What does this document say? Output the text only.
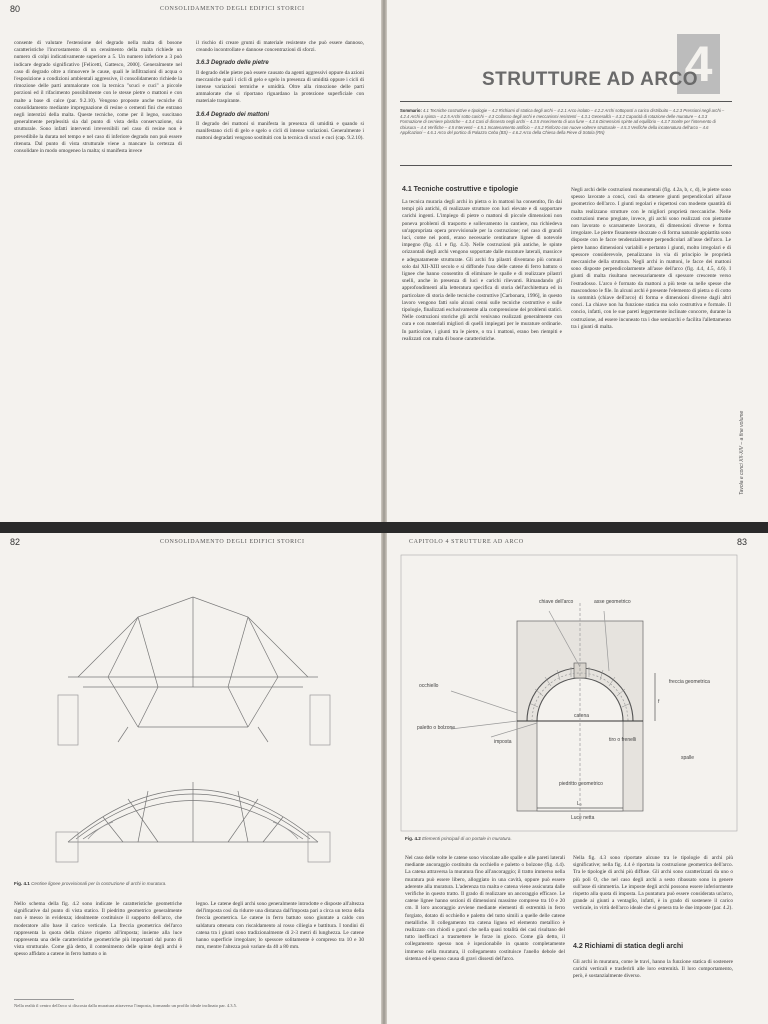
80	CONSOLIDAMENTO DEGLI EDIFICI STORICI

consente di valutare l'estensione del degrado nella malta di bosone caratteristiche l'incrostamento di un censimento della malta richiede un numero di colpi indicativamente superiore a 5. Un numero inferiore a 3 può indicare degrado significativo [Felicetti, Gattesco, 2000]. Generalmente nel caso di degrado oltre a rimuovere le cause, quali le infiltrazioni di acqua o l'esposizione a condizioni ambientali aggressive, il consolidamento richiede la rimozione delle parti ammalorate con la tecnica "scuci e cuci" a piccole porzioni ed il rifacimento possibilmente con le stesse pietre o mattoni e con malte a base di calce (par. 9.2.10). Vengono proposte anche tecniche di consolidamento mediante impregnazione di resine o cementi fini che entrano negli interstizi della malta. Queste tecniche, come per il legno, suscitano generalmente perplessità sia dal punto di vista della conservazione, sia strutturale. Sono infatti interventi irreversibili nel caso di resine non è prevedibile la durata nel tempo e nel caso di inferiore degrado non può essere ritenuta. Dal punto di vista strutturale viene a mancare la certezza di consolidare in modo omogeneo la malta; si manifesta invece

il rischio di creare grumi di materiale resistente che può essere dannoso, creando incontrollate e dannose concentrazioni di sforzi.

3.6.3 Degrado delle pietre

Il degrado delle pietre può essere causato da agenti aggressivi oppure da azioni meccaniche quali i cicli di gelo e sgelo in presenza di umidità oppure i cicli di intense variazioni termiche e umidità. Oltre alla rimozione delle parti ammalorate che si riportano riguardano la protezione superficiale con materiale traspirante.

3.6.4 Degrado dei mattoni

Il degrado dei mattoni si manifesta in presenza di umidità e quando si manifestano cicli di gelo e sgelo o cicli di intense variazioni. Generalmente i mattoni degradati vengono sostituiti con la tecnica di scuci e cuci (cap. 9.2.10).

4
STRUTTURE AD ARCO
Sommario: 4.1 Tecniche costruttive e tipologie – 4.2 Richiami di statica degli archi – 4.2.1 Arco isolato – 4.2.2 Archi sottoposti a carico distribuito – 4.2.3 Pressioni negli archi – 4.2.4 Archi a spinta – 4.2.5 Archi sotto carichi – 4.3 Collasso degli archi e meccanismi resistenti – 4.3.1 Generalità – 4.3.2 Capacità di rotazione delle murature – 4.3.3 Formazione di cerniere plastiche – 4.3.4 Casi di dissesto negli archi – 4.3.5 Inserimento di una fune – 4.3.6 Dimensioni spinte ad equilibrio – 4.3.7 Scelte per l'intervento di chiusura – 4.4 Verifiche – 4.5 Interventi – 4.5.1 Incatenamento artificio – 4.5.2 Rinforzo con nuove volterre strutturale – 4.5.3 Verifiche della incatenatura dell'arco – 4.6 Applicazioni – 4.6.1 Arco del portico di Palazzo Ceba (BS) – 4.6.2 Arco della Chiesa della Pieve di Sotola (RN)
4.1 Tecniche costruttive e tipologie

La tecnica muraria degli archi in pietra o in mattoni ha consentito, fin dai tempi più antichi, di realizzare strutture con luci elevate e di sopportare carichi ingenti. L'impiego di pietre o mattoni di piccole dimensioni non poneva problemi di trasporto e sollevamento in cantiere, ma richiedeva un'appropriata opera provvisionale per la costruzione; nel caso di grandi luci, come nei ponti, erano necessarie centinature lignee di notevole impegno (fig. 4.1 e fig. 4.3). Nelle costruzioni più antiche, le spinte orizzontali degli archi vengono sopportate dalle murature laterali, massicce e adeguatamente strutturate. Gli archi fra pilastri diventano più comuni solo dal XII-XIII secolo e si diffonde l'uso delle catene di ferro battuto o lignee che hanno consentito di eliminare le spalle e di realizzare pilastri snelli, anche in presenza di luci e carichi rilevanti. Rimandando gli approfondimenti alla letteratura specifica di storia dell'architettura ed in particolare di storia delle tecniche costruttive [Carbonara, 1996], in questo lavoro vengono fatti solo alcuni cenni sulle tecniche costruttive e sulle tipologie, finalizzati esclusivamente alla comprensione dei problemi statici. Nelle costruzioni storiche gli archi venivano realizzati generalmente con cura e con materiali migliori di quelli impiegati per le murature ordinarie. In particolare, i giunti tra le pietre, o tra i mattoni, erano ben riempiti e realizzati con malta di buone caratteristiche.

Negli archi delle costruzioni monumentali (fig. 4.2a, b, c, d), le pietre sono spesso lavorate a conci, così da ottenere giunti perpendicolari all'asse geometrico dell'arco. I giunti regolari e rispettosi con modeste quantità di malta realizzano strutture con le migliori proprietà meccaniche. Nelle costruzioni meno pregiate, invece, gli archi sono realizzati con pietrame non lavorato o scarsamente lavorato, di dimensioni diverse e forma irregolare. Le pietre fissamente sbozzate o di forma naturale appiattita sono disposte con le facce tendenzialmente perpendicolari all'asse dell'arco. Le pietre hanno dimensioni variabili e pertanto i giunti, molto irregolari e di spessore considerevole, penalizzano in via di principio le proprietà meccaniche della struttura. Negli archi in mattoni, le facce dei mattoni sono disposte perpendicolarmente all'asse dell'arco (fig. 4.4, 4.5, 4.6). I giunti di malta risultano necessariamente di spessore crescente verso l'estradosso. L'arco è formato da mattoni a più teste su nelle spesse che mascondono le file. In alcuni archi è presente l'elemento di pietra o di cotto in sommità (chiave dell'arco) di forma e dimensioni diverse dagli altri conci. La chiave non ha funzione statica ma solo costruttiva e formale. Il concio, infatti, con le sue pareti leggermente inclinate concorre, durante la costruzione, ad essere incuneato tra i due semiarchi e facilita l'allettamento tra i giunti di malta.

Tavola e conci XII-XIV – a fine volume
82	CONSOLIDAMENTO DEGLI EDIFICI STORICI
Fig. 4.1 Centine lignee provvisionali per la costruzione di archi in muratura.

Nello schema della fig. 4.2 sono indicate le caratteristiche geometriche significative dal punto di vista statico. Il piedritto geometrico generalmente non è messo in evidenza; idealmente costituisce il supporto dell'arco, che moderatore allo base il carico verticale. La freccia geometrica dell'arco rappresenta la quota della chiave rispetto all'imposta; insieme alla luce rappresenta una delle caratteristiche geometriche più importanti dal punto di vista strutturale. Come già detto, il contenimento delle spinte degli archi è spesso affidato a catene in ferro battuto o in

legno. Le catene degli archi sono generalmente introdotte e disposte all'altezza dell'imposta così da ridurre una distanza dall'imposta pari a circa un terzo della freccia geometrica. Le catene in ferro battuto sono giuntate a caldo con saldatura ottenuta con riscaldamento al rosso ciliegia e battitura. I tondini di catena tra i giunti sono tradizionalmente di 2-3 metri di lunghezza. Le catene hanno superficie irregolare; lo spessore solitamente è compreso tra 10 e 30 mm, mentre l'altezza può variare da 40 a 80 mm.

Nella realtà il centro dell'arco si discosta dalla muratura attraverso l'imposta, formando un profilo ideale inclinato par. 4.3.5.
CAPITOLO 4 STRUTTURE AD ARCO	83
chiave dell'arco	asse geometrico
occhiello
freccia geometrica
f
catena
paletto o bolzone
imposta	tiro o frenelli
spalle
piedritto geometrico
L₀
Luce netta
Fig. 4.2 Elementi principali di un portale in muratura.

Nel caso delle volte le catene sono vincolate alle spalle e alle pareti laterali mediante ancoraggio costituito da occhiello e paletto o bolzone (fig. 4.4). La catena attraversa la muratura fino all'ancoraggio; il tratto immerso nella muratura può essere libero, alloggiato in una cavità, oppure può essere aderente alla muratura. L'aderenza tra malta e catena viene assicurata dalle verifiche in questo tratto. Il grado di realizzare un ancoraggio efficace. Le catene lignee hanno sezioni di dimensioni massime comprese tra 10 e 20 cm. Il loro ancoraggio avviene mediante elementi di estremità in ferro forgiato, dotato di occhiello e paletto del tutto simili a quelle delle catene metalliche. Il collegamento tra catena lignea ed elemento metallico è realizzato con chiodi o ganci che nella quasi totalità dei casi risultano del tutto inefficaci a trasmettere le forze in gioco. Come già detto, il collegamento spesso non è ispezionabile in quanto completamente immerso nella muratura, il collegamento costituisce l'anello debole del sistema ed è spesso causa di gravi dissesti dell'arco.

Nella fig. 4.3 sono riportate alcune tra le tipologie di archi più significative; nella fig. 4.4 è riportata la costruzione geometrica dell'arco. Tra le tipologie di archi più diffuse. Gli archi sono caratterizzati da uno o più poli O, che nel caso degli archi a sesto ribassato sono in genere sull'asse di simmetria. Le imposte degli archi possono essere inferiormente rispetto alla quota di imposta. La puntatura può essere considerata un'arco, grande ai giunti a ventaglio, infatti, è in grado di sostenere il carico verticale, in virtù dell'arco ideale che si genera tra le due imposte (par. 4.2).

4.2 Richiami di statica degli archi

Gli archi in muratura, come le travi, hanno la funzione statica di sostenere carichi verticali e trasferirli alle loro estremità. Il loro comportamento, però, è sostanzialmente diverso.
